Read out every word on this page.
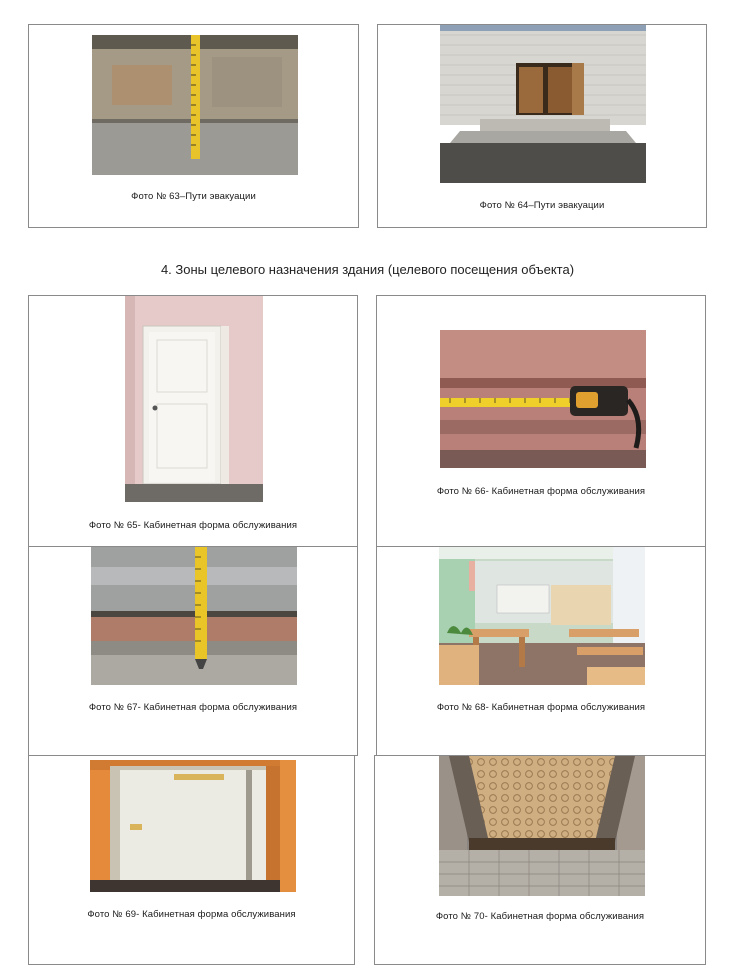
Фото № 63–Пути эвакуации
Фото № 64–Пути эвакуации
4. Зоны целевого назначения здания (целевого посещения объекта)
Фото № 65- Кабинетная форма обслуживания
Фото № 66- Кабинетная форма обслуживания
Фото № 67- Кабинетная форма обслуживания	Фото № 68- Кабинетная форма обслуживания
Фото № 69- Кабинетная форма обслуживания	Фото № 70- Кабинетная форма обслуживания
